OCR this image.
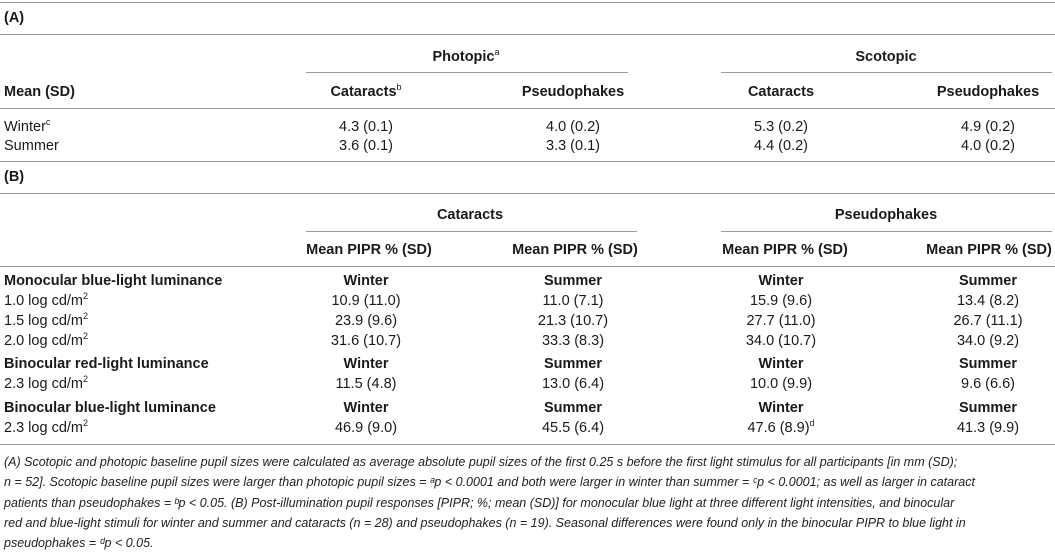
(A)
Photopic$^a$	Scotopic
Mean (SD)	Cataracts$^b$	Pseudophakes	Cataracts	Pseudophakes
Winter$^c$	4.3 (0.1)	4.0 (0.2)	5.3 (0.2)	4.9 (0.2)
Summer	3.6 (0.1)	3.3 (0.1)	4.4 (0.2)	4.0 (0.2)
(B)
Cataracts	Pseudophakes
Mean PIPR % (SD)	Mean PIPR % (SD)	Mean PIPR % (SD)	Mean PIPR % (SD)
Monocular blue-light luminance	Winter	Summer	Winter	Summer
1.0 $\log cd/m^2$	10.9 (11.0)	11.0 (7.1)	15.9 (9.6)	13.4 (8.2)
1.5 $\log cd/m^2$	23.9 (9.6)	21.3 (10.7)	27.7 (11.0)	26.7 (11.1)
2.0 $\log cd/m^2$	31.6 (10.7)	33.3 (8.3)	34.0 (10.7)	34.0 (9.2)
Binocular red-light luminance	Winter	Summer	Winter	Summer
2.3 $\log cd/m^2$	11.5 (4.8)	13.0 (6.4)	10.0 (9.9)	9.6 (6.6)
Binocular blue-light luminance	Winter	Summer	Winter	Summer
2.3 $\log cd/m^2$	46.9 (9.0)	45.5 (6.4)	47.6 $(8.9)^d$	41.3 (9.9)

(A) Scotopic and photopic baseline pupil sizes were calculated as average absolute pupil sizes of the first 0.25 s before the first light stimulus for all participants [in mm (SD);

n = 52]. Scotopic baseline pupil sizes were larger than photopic pupil sizes = ᵃp < 0.0001 and both were larger in winter than summer = ᶜp < 0.0001; as well as larger in cataract

patients than pseudophakes = ᵇp < 0.05. (B) Post-illumination pupil responses [PIPR; %; mean (SD)] for monocular blue light at three different light intensities, and binocular

red and blue-light stimuli for winter and summer and cataracts (n = 28) and pseudophakes (n = 19). Seasonal differences were found only in the binocular PIPR to blue light in

pseudophakes = ᵈp < 0.05.
